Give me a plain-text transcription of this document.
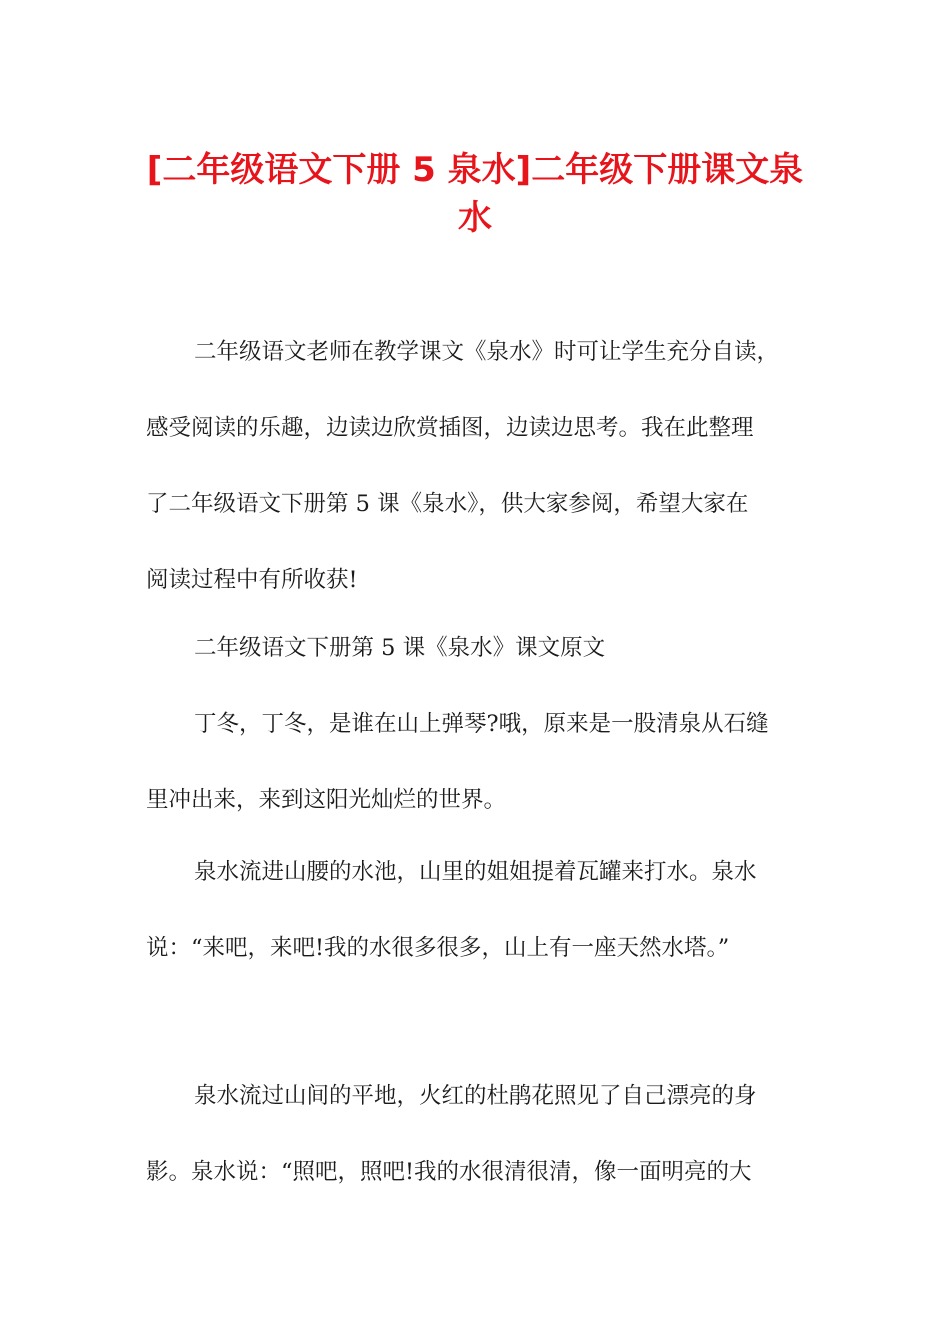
[二年级语文下册 5 泉水]二年级下册课文泉
水
二年级语文老师在教学课文《泉水》时可让学生充分自读，
感受阅读的乐趣，边读边欣赏插图，边读边思考。我在此整理
了二年级语文下册第 5 课《泉水》，供大家参阅，希望大家在
阅读过程中有所收获!
二年级语文下册第 5 课《泉水》课文原文
丁冬，丁冬，是谁在山上弹琴?哦，原来是一股清泉从石缝
里冲出来，来到这阳光灿烂的世界。
泉水流进山腰的水池，山里的姐姐提着瓦罐来打水。泉水
说：“来吧，来吧!我的水很多很多，山上有一座天然水塔。”
泉水流过山间的平地，火红的杜鹃花照见了自己漂亮的身
影。泉水说：“照吧，照吧!我的水很清很清，像一面明亮的大
